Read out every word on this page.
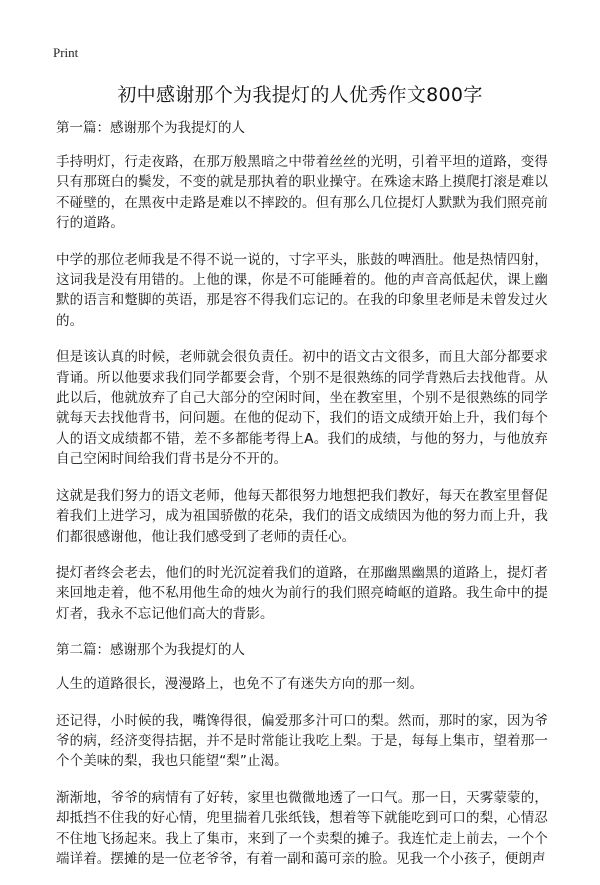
Print
初中感谢那个为我提灯的人优秀作文800字
第一篇：感谢那个为我提灯的人

手持明灯，行走夜路，在那万般黑暗之中带着丝丝的光明，引着平坦的道路，变得只有那斑白的鬓发，不变的就是那执着的职业操守。在殊途末路上摸爬打滚是难以不碰壁的，在黑夜中走路是难以不摔跤的。但有那么几位提灯人默默为我们照亮前行的道路。

中学的那位老师我是不得不说一说的，寸字平头，胀鼓的啤酒肚。他是热情四射，这词我是没有用错的。上他的课，你是不可能睡着的。他的声音高低起伏，课上幽默的语言和蹩脚的英语，那是容不得我们忘记的。在我的印象里老师是未曾发过火的。

但是该认真的时候，老师就会很负责任。初中的语文古文很多，而且大部分都要求背诵。所以他要求我们同学都要会背，个别不是很熟练的同学背熟后去找他背。从此以后，他就放弃了自己大部分的空闲时间，坐在教室里，个别不是很熟练的同学就每天去找他背书，问问题。在他的促动下，我们的语文成绩开始上升，我们每个人的语文成绩都不错，差不多都能考得上A。我们的成绩，与他的努力，与他放弃自己空闲时间给我们背书是分不开的。

这就是我们努力的语文老师，他每天都很努力地想把我们教好，每天在教室里督促着我们上进学习，成为祖国骄傲的花朵，我们的语文成绩因为他的努力而上升，我们都很感谢他，他让我们感受到了老师的责任心。

提灯者终会老去，他们的时光沉淀着我们的道路，在那幽黑幽黑的道路上，提灯者来回地走着，他不私用他生命的烛火为前行的我们照亮崎岖的道路。我生命中的提灯者，我永不忘记他们高大的背影。

第二篇：感谢那个为我提灯的人

人生的道路很长，漫漫路上，也免不了有迷失方向的那一刻。

还记得，小时候的我，嘴馋得很，偏爱那多汁可口的梨。然而，那时的家，因为爷爷的病，经济变得拮据，并不是时常能让我吃上梨。于是，每每上集市，望着那一个个美味的梨，我也只能望“梨”止渴。

渐渐地，爷爷的病情有了好转，家里也微微地透了一口气。那一日，天雾蒙蒙的，却抵挡不住我的好心情，兜里揣着几张纸钱，想着等下就能吃到可口的梨，心情忍不住地飞扬起来。我上了集市，来到了一个卖梨的摊子。我连忙走上前去，一个个端详着。摆摊的是一位老爷爷，有着一副和蔼可亲的脸。见我一个小孩子，便朗声
